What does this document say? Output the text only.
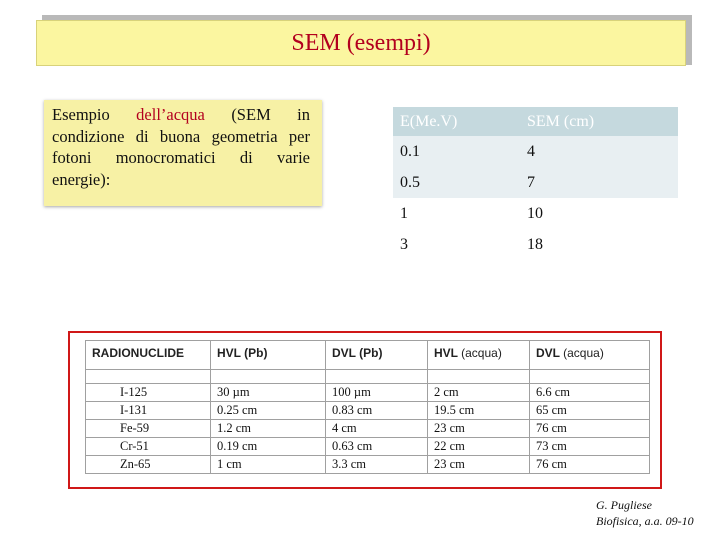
SEM (esempi)
Esempio dell’acqua (SEM in condizione di buona geometria per fotoni monocromatici di varie energie):
E(Me.V)	SEM (cm)
0.1	4
0.5	7
1	10
3	18
RADIONUCLIDE	HVL (Pb)	DVL (Pb)	HVL (acqua)	DVL (acqua)

I-125	30 µm	100 µm	2 cm	6.6 cm
I-131	0.25 cm	0.83 cm	19.5 cm	65 cm
Fe-59	1.2 cm	4 cm	23 cm	76 cm
Cr-51	0.19 cm	0.63 cm	22 cm	73 cm
Zn-65	1 cm	3.3 cm	23 cm	76 cm
G. Pugliese
Biofisica, a.a. 09-10
